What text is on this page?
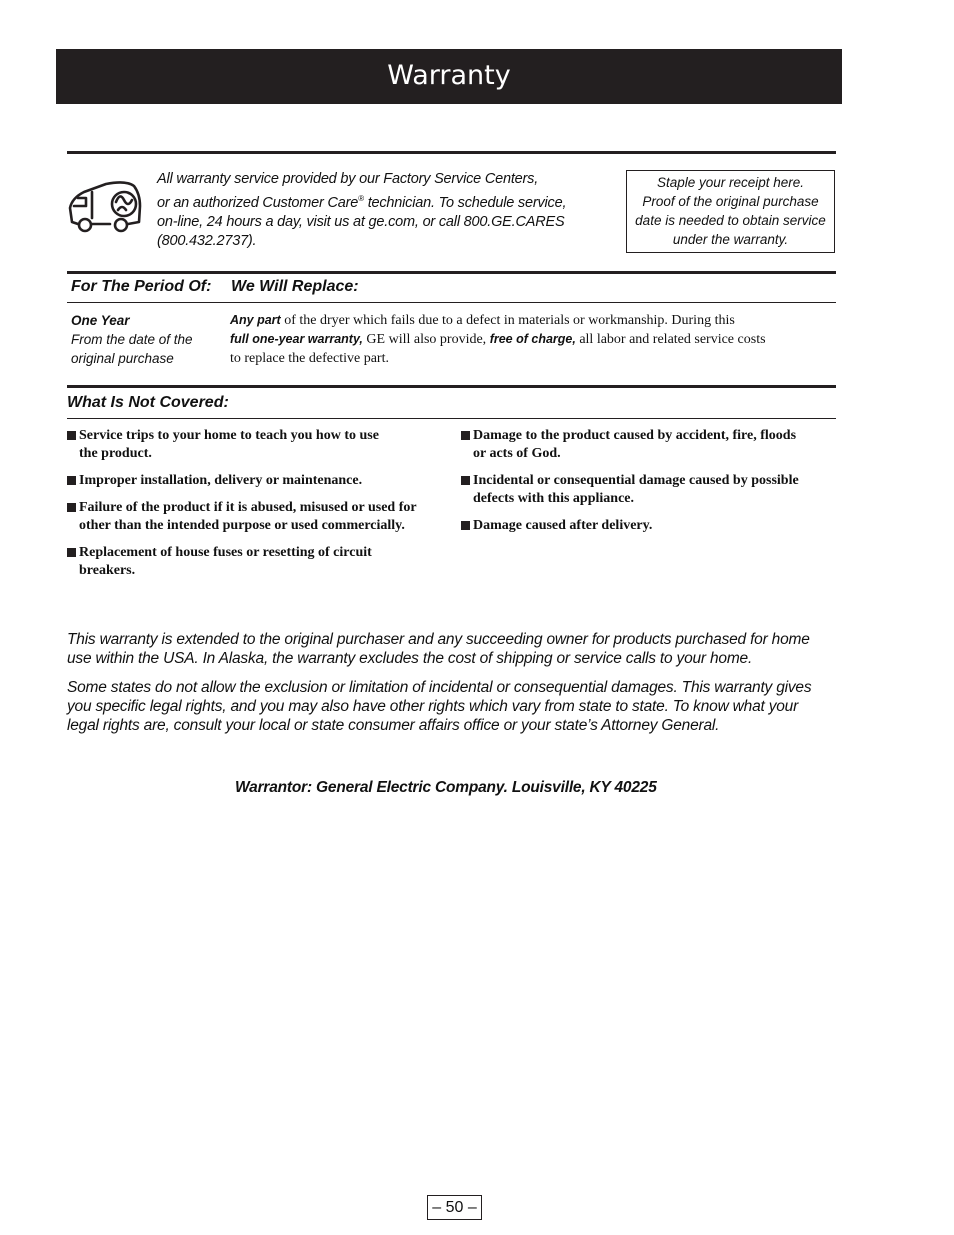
Warranty
All warranty service provided by our Factory Service Centers,
or an authorized Customer Care® technician. To schedule service,
on-line, 24 hours a day, visit us at ge.com, or call 800.GE.CARES
(800.432.2737).
Staple your receipt here.
Proof of the original purchase
date is needed to obtain service
under the warranty.
For The Period Of: We Will Replace:
One Year
From the date of the
original purchase
Any part of the dryer which fails due to a defect in materials or workmanship. During this
full one-year warranty, GE will also provide, free of charge, all labor and related service costs
to replace the defective part.
What Is Not Covered:
Service trips to your home to teach you how to use
the product.
Improper installation, delivery or maintenance.
Failure of the product if it is abused, misused or used for
other than the intended purpose or used commercially.
Replacement of house fuses or resetting of circuit
breakers.
Damage to the product caused by accident, fire, floods
or acts of God.
Incidental or consequential damage caused by possible
defects with this appliance.
Damage caused after delivery.
This warranty is extended to the original purchaser and any succeeding owner for products purchased for home
use within the USA. In Alaska, the warranty excludes the cost of shipping or service calls to your home.
Some states do not allow the exclusion or limitation of incidental or consequential damages. This warranty gives
you specific legal rights, and you may also have other rights which vary from state to state. To know what your
legal rights are, consult your local or state consumer affairs office or your state’s Attorney General.
Warrantor: General Electric Company. Louisville, KY 40225
– 50 –
